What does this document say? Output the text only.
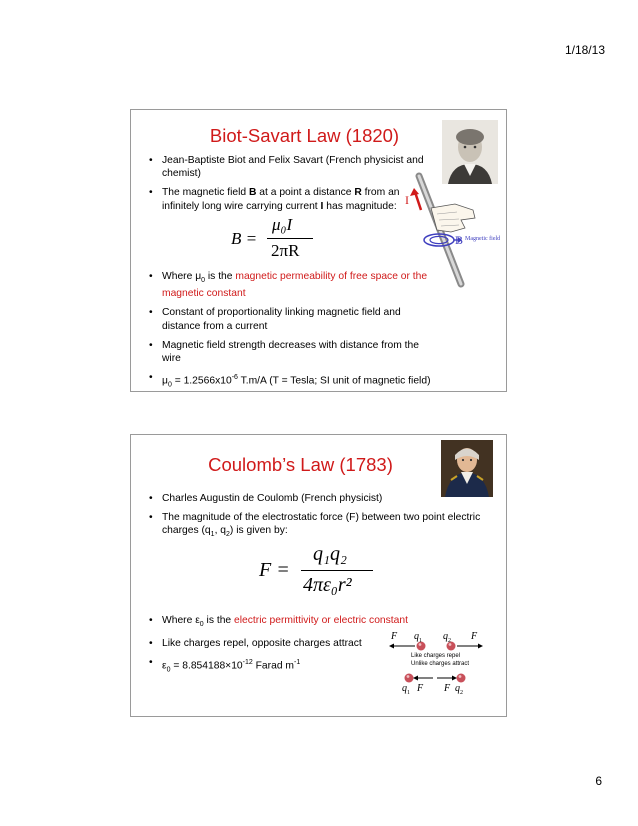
1/18/13
Biot-Savart Law (1820)
• Jean-Baptiste Biot and Felix Savart (French physicist and chemist)
• The magnetic field B at a point a distance R from an infinitely long wire carrying current I has magnitude:
B =
μ₀I
2πR
• Where $\mu_0$ is the magnetic permeability of free space or the magnetic constant
• Constant of proportionality linking magnetic field and distance from a current
• Magnetic field strength decreases with distance from the wire
• $\mu_0 = 1.2566x10^{-6}$ T.m/A (T = Tesla; SI unit of magnetic field)
I
B Magnetic field
Coulomb’s Law (1783)
• Charles Augustin de Coulomb (French physicist)
• The magnitude of the electrostatic force (F) between two point electric charges ($q_1$, $q_2$) is given by:
F =
q₁q₂
4πε₀r²
• Where $\varepsilon_0$ is the electric permittivity or electric constant
• Like charges repel, opposite charges attract
• $\varepsilon_0 = 8.854188\times 10^{-12}$ Farad $m^{-1}$
F $q_1$ $q_2$ F
Like charges repel
Unlike charges attract
$q_1$ F F $q_2$
6
